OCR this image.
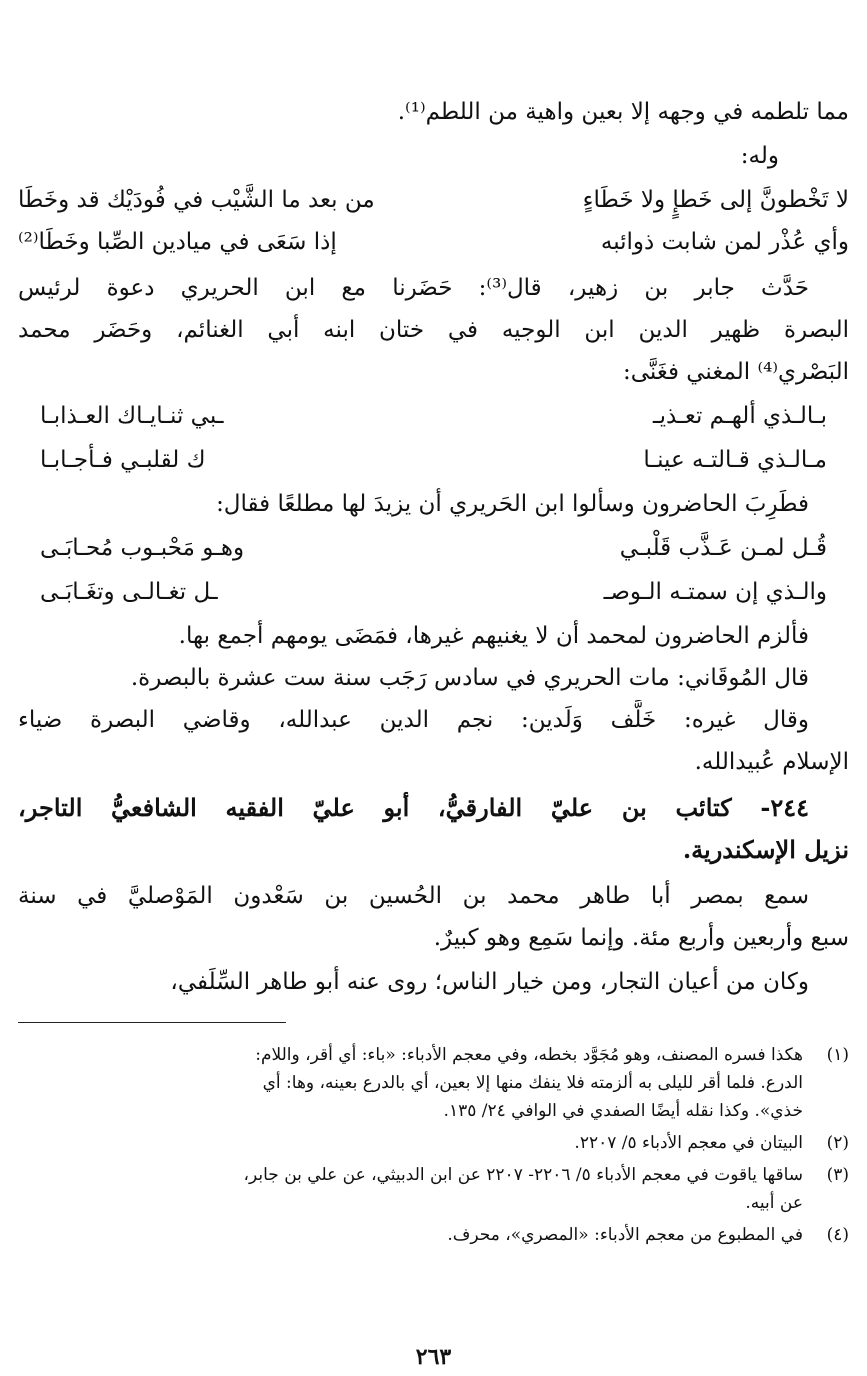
مما تلطمه في وجهه إلا بعين واهية من اللطم⁽¹⁾.
وله:
لا تَخْطونَّ إلى خَطإٍ ولا خَطَاءٍ
من بعد ما الشَّيْب في فُودَيْك قد وخَطَا
وأي عُذْر لمن شابت ذوائبه
إذا سَعَى في ميادين الصِّبا وخَطَا⁽²⁾
حَدَّث جابر بن زهير، قال⁽³⁾: حَضَرنا مع ابن الحريري دعوة لرئيس
البصرة ظهير الدين ابن الوجيه في ختان ابنه أبي الغنائم، وحَضَر محمد
البَصْري⁽⁴⁾ المغني فغَنَّى:
بـالـذي ألهـم تعـذيـ
ـبي ثنـايـاك العـذابـا
مـالـذي قـالتـه عينـا
ك لقلبـي فـأجـابـا
فطَرِبَ الحاضرون وسألوا ابن الحَريري أن يزيدَ لها مطلعًا فقال:
قُـل لمـن عَـذَّب قَلْبـي
وهـو مَحْبـوب مُحـابَـى
والـذي إن سمتـه الـوصـ
ـل تغـالـى وتغَـابَـى
فألزم الحاضرون لمحمد أن لا يغنيهم غيرها، فمَضَى يومهم أجمع بها.
قال المُوقَاني: مات الحريري في سادس رَجَب سنة ست عشرة بالبصرة.
وقال غيره: خَلَّف وَلَدين: نجم الدين عبدالله، وقاضي البصرة ضياء
الإسلام عُبيدالله.
٢٤٤- كتائب بن عليّ الفارقيُّ، أبو عليّ الفقيه الشافعيُّ التاجر،
نزيل الإسكندرية.
سمع بمصر أبا طاهر محمد بن الحُسين بن سَعْدون المَوْصليَّ في سنة
سبع وأربعين وأربع مئة. وإنما سَمِع وهو كبيرٌ.
وكان من أعيان التجار، ومن خيار الناس؛ روى عنه أبو طاهر السِّلَفي،
(١)هكذا فسره المصنف، وهو مُجَوَّد بخطه، وفي معجم الأدباء: «باء: أي أقر، واللام:
الدرع. فلما أقر لليلى به ألزمته فلا ينفك منها إلا بعين، أي بالدرع بعينه، وها: أي
خذي». وكذا نقله أيضًا الصفدي في الوافي ٢٤/ ١٣٥.
(٢)البيتان في معجم الأدباء ٥/ ٢٢٠٧.
(٣)ساقها ياقوت في معجم الأدباء ٥/ ٢٢٠٦- ٢٢٠٧ عن ابن الدبيثي، عن علي بن جابر،
عن أبيه.
(٤)في المطبوع من معجم الأدباء: «المصري»، محرف.
٢٦٣
